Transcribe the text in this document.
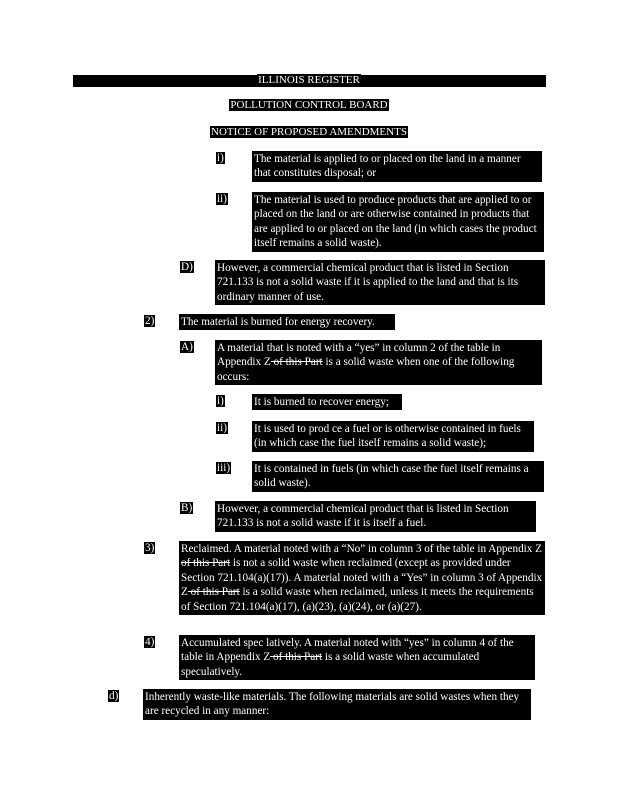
ILLINOIS REGISTER
POLLUTION CONTROL BOARD
NOTICE OF PROPOSED AMENDMENTS
i)	The material is applied to or placed on the land in a manner that constitutes disposal; or
ii) The material is used to produce products that are applied to or placed on the land or are otherwise contained in products that are applied to or placed on the land (in which cases the product itself remains a solid waste).
D) However, a commercial chemical product that is listed in Section 721.133 is not a solid waste if it is applied to the land and that is its ordinary manner of use.
2) The material is burned for energy recovery.
A) A material that is noted with a “yes” in column 2 of the table in Appendix Z of this Part is a solid waste when one of the following occurs:
i)	It is burned to recover energy;
ii) It is used to prod ce a fuel or is otherwise contained in fuels (in which case the fuel itself remains a solid waste);
iii) It is contained in fuels (in which case the fuel itself remains a solid waste).
B) However, a commercial chemical product that is listed in Section 721.133 is not a solid waste if it is itself a fuel.
3) Reclaimed. A material noted with a “No” in column 3 of the table in Appendix Z of this Part is not a solid waste when reclaimed (except as provided under Section 721.104(a)(17)). A material noted with a “Yes” in column 3 of Appendix Z of this Part is a solid waste when reclaimed, unless it meets the requirements of Section 721.104(a)(17), (a)(23), (a)(24), or (a)(27).
4) Accumulated spec latively. A material noted with “yes” in column 4 of the table in Appendix Z of this Part is a solid waste when accumulated speculatively.
d) Inherently waste-like materials. The following materials are solid wastes when they are recycled in any manner:
